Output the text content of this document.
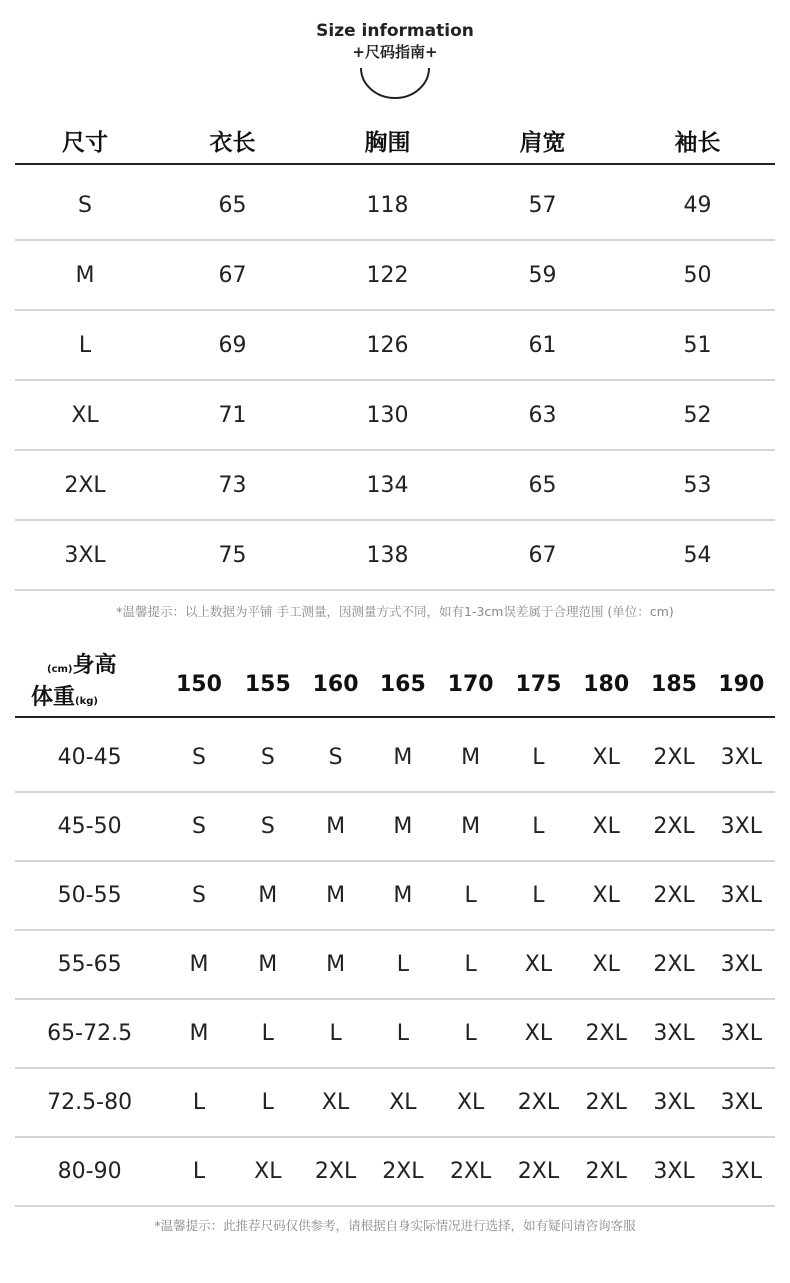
Size information
+尺码指南+
尺寸	衣长	胸围	肩宽	袖长

S	65	118	57	49
M	67	122	59	50
L	69	126	61	51
XL	71	130	63	52
2XL	73	134	65	53
3XL	75	138	67	54
*温馨提示：以上数据为平铺 手工测量，因测量方式不同，如有1-3cm误差属于合理范围 (单位：cm)
(cm)身高
体重(kg)	150	155	160	165	170	175	180	185	190

40-45	S	S	S	M	M	L	XL	2XL	3XL
45-50	S	S	M	M	M	L	XL	2XL	3XL
50-55	S	M	M	M	L	L	XL	2XL	3XL
55-65	M	M	M	L	L	XL	XL	2XL	3XL
65-72.5	M	L	L	L	L	XL	2XL	3XL	3XL
72.5-80	L	L	XL	XL	XL	2XL	2XL	3XL	3XL
80-90	L	XL	2XL	2XL	2XL	2XL	2XL	3XL	3XL
*温馨提示：此推荐尺码仅供参考，请根据自身实际情况进行选择，如有疑问请咨询客服
